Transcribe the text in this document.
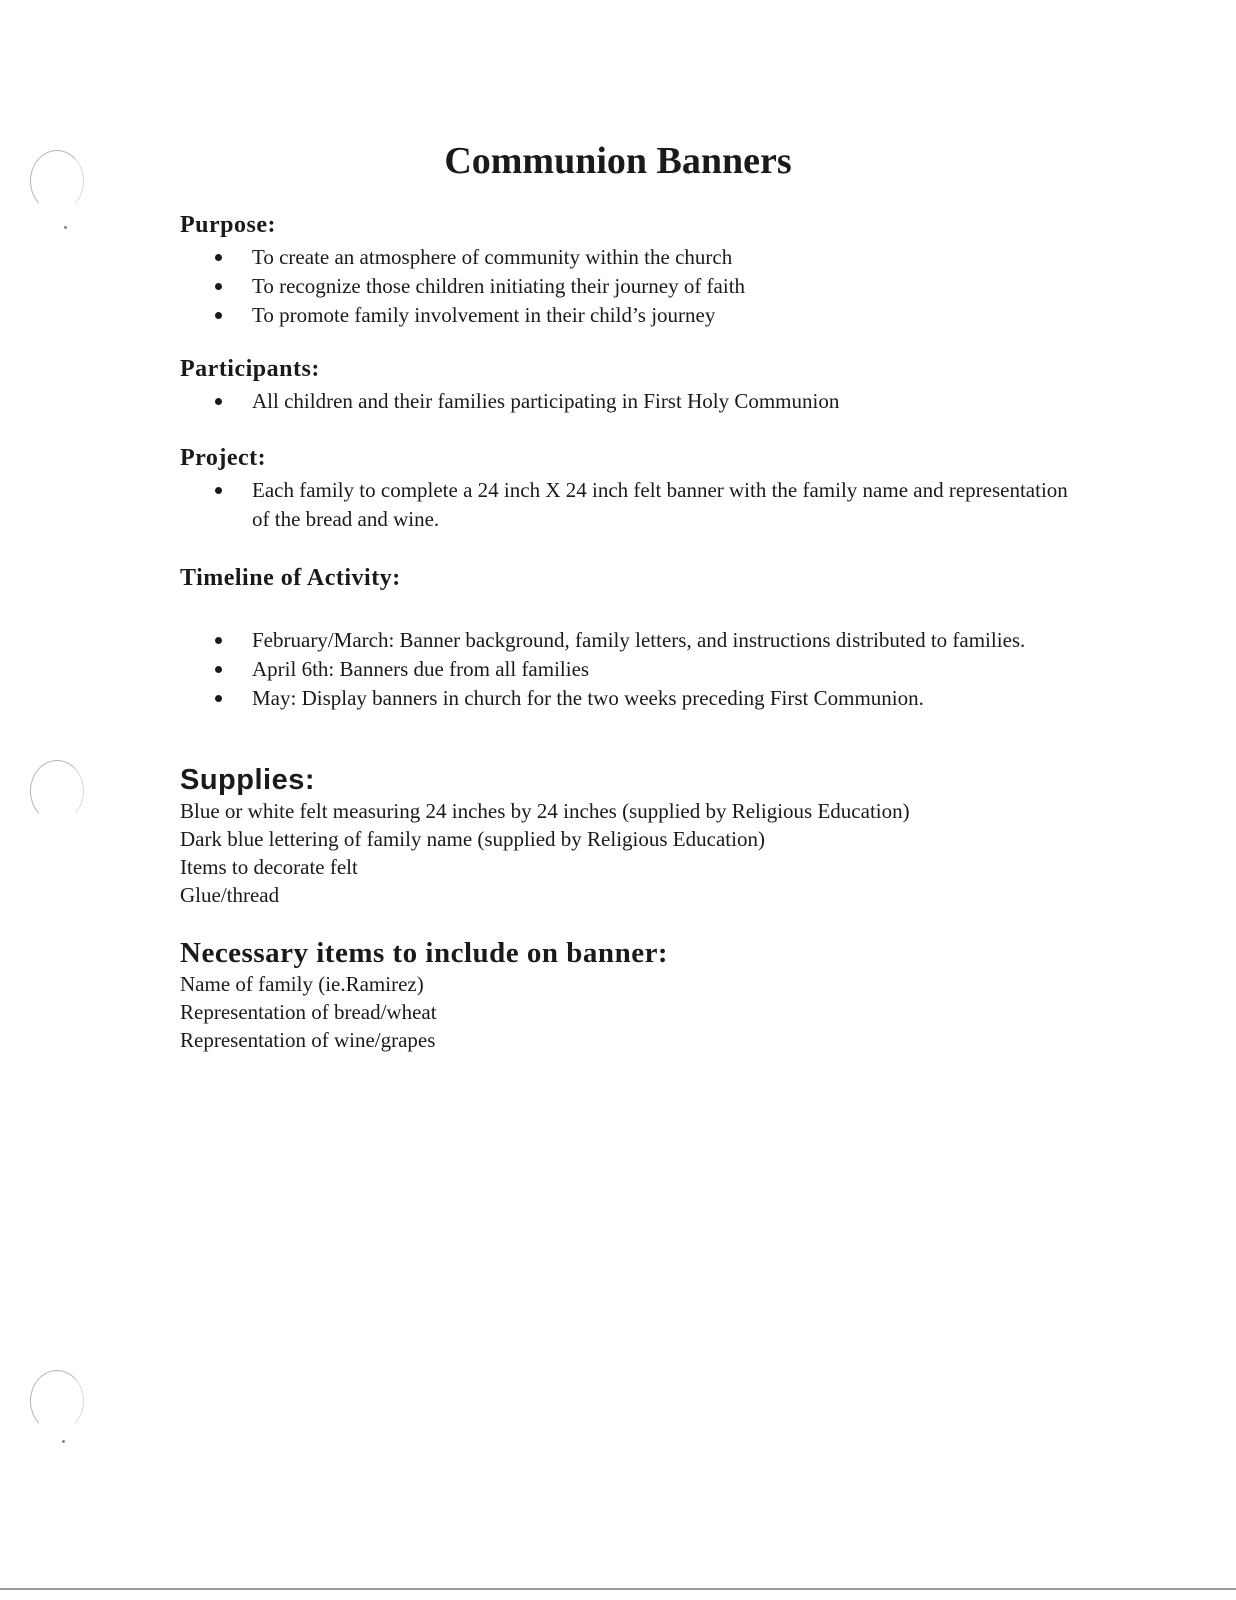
Communion Banners
Purpose:
To create an atmosphere of community within the church
To recognize those children initiating their journey of faith
To promote family involvement in their child’s journey
Participants:
All children and their families participating in First Holy Communion
Project:
Each family to complete a 24 inch X 24 inch felt banner with the family name and representation of the bread and wine.
Timeline of Activity:
February/March: Banner background, family letters, and instructions distributed to families.
April 6th: Banners due from all families
May: Display banners in church for the two weeks preceding First Communion.
Supplies:
Blue or white felt measuring 24 inches by 24 inches (supplied by Religious Education)
Dark blue lettering of family name (supplied by Religious Education)
Items to decorate felt
Glue/thread
Necessary items to include on banner:
Name of family (ie.Ramirez)
Representation of bread/wheat
Representation of wine/grapes
